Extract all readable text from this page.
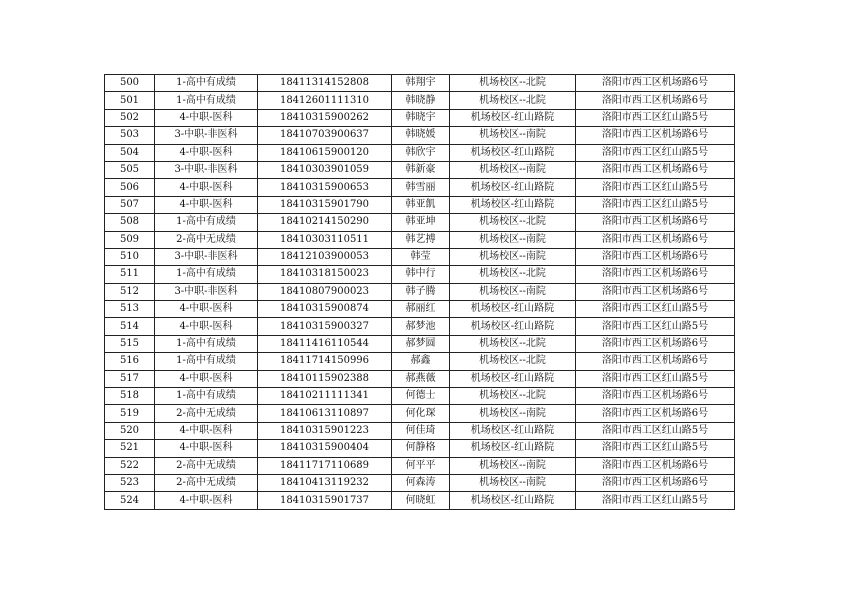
500	1-高中有成绩	18411314152808	韩翔宇	机场校区--北院	洛阳市西工区机场路6号
501	1-高中有成绩	18412601111310	韩晓静	机场校区--北院	洛阳市西工区机场路6号
502	4-中职-医科	18410315900262	韩晓宇	机场校区-红山路院	洛阳市西工区红山路5号
503	3-中职-非医科	18410703900637	韩晓媛	机场校区--南院	洛阳市西工区机场路6号
504	4-中职-医科	18410615900120	韩欣宇	机场校区-红山路院	洛阳市西工区红山路5号
505	3-中职-非医科	18410303901059	韩新豪	机场校区--南院	洛阳市西工区机场路6号
506	4-中职-医科	18410315900653	韩雪丽	机场校区-红山路院	洛阳市西工区红山路5号
507	4-中职-医科	18410315901790	韩亚飢	机场校区-红山路院	洛阳市西工区红山路5号
508	1-高中有成绩	18410214150290	韩亚坤	机场校区--北院	洛阳市西工区机场路6号
509	2-高中无成绩	18410303110511	韩艺搏	机场校区--南院	洛阳市西工区机场路6号
510	3-中职-非医科	18412103900053	韩莹	机场校区--南院	洛阳市西工区机场路6号
511	1-高中有成绩	18410318150023	韩中行	机场校区--北院	洛阳市西工区机场路6号
512	3-中职-非医科	18410807900023	韩子腾	机场校区--南院	洛阳市西工区机场路6号
513	4-中职-医科	18410315900874	郝丽红	机场校区-红山路院	洛阳市西工区红山路5号
514	4-中职-医科	18410315900327	郝梦池	机场校区-红山路院	洛阳市西工区红山路5号
515	1-高中有成绩	18411416110544	郝梦圆	机场校区--北院	洛阳市西工区机场路6号
516	1-高中有成绩	18411714150996	郝鑫	机场校区--北院	洛阳市西工区机场路6号
517	4-中职-医科	18410115902388	郝燕薇	机场校区-红山路院	洛阳市西工区红山路5号
518	1-高中有成绩	18410211111341	何德士	机场校区--北院	洛阳市西工区机场路6号
519	2-高中无成绩	18410613110897	何化琛	机场校区--南院	洛阳市西工区机场路6号
520	4-中职-医科	18410315901223	何佳琦	机场校区-红山路院	洛阳市西工区红山路5号
521	4-中职-医科	18410315900404	何静格	机场校区-红山路院	洛阳市西工区红山路5号
522	2-高中无成绩	18411717110689	何平平	机场校区--南院	洛阳市西工区机场路6号
523	2-高中无成绩	18410413119232	何森涛	机场校区--南院	洛阳市西工区机场路6号
524	4-中职-医科	18410315901737	何晓虹	机场校区-红山路院	洛阳市西工区红山路5号
